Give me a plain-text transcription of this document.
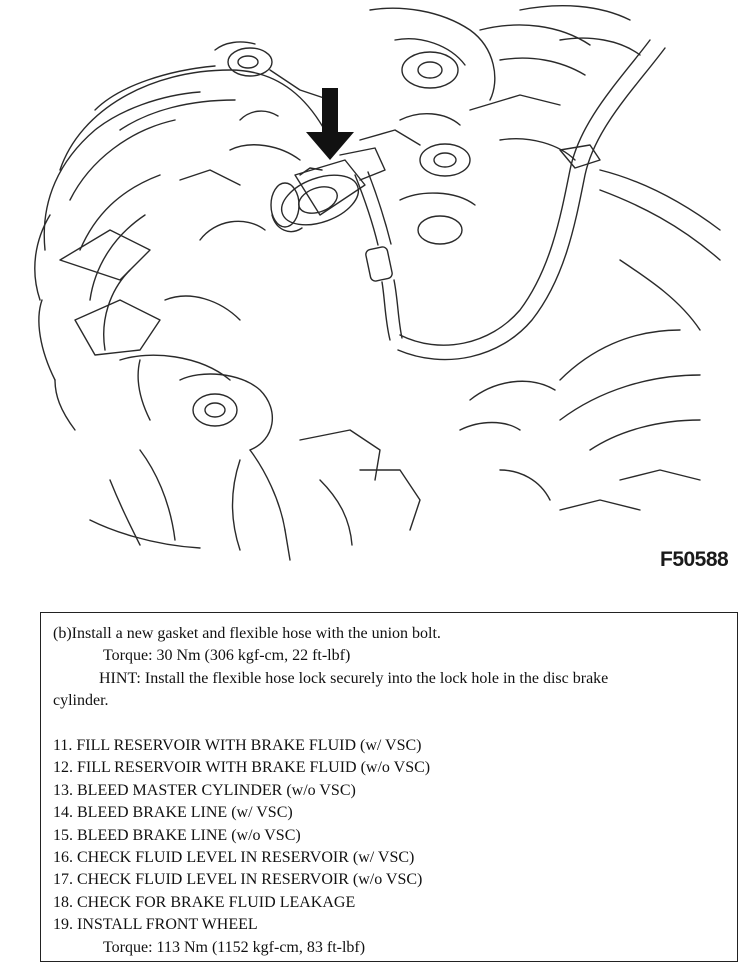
F50588

(b)Install a new gasket and flexible hose with the union bolt.

Torque: 30 Nm (306 kgf-cm, 22 ft-lbf)

HINT: Install the flexible hose lock securely into the lock hole in the disc brake

cylinder.

11. FILL RESERVOIR WITH BRAKE FLUID (w/ VSC)
12. FILL RESERVOIR WITH BRAKE FLUID (w/o VSC)
13. BLEED MASTER CYLINDER (w/o VSC)
14. BLEED BRAKE LINE (w/ VSC)
15. BLEED BRAKE LINE (w/o VSC)
16. CHECK FLUID LEVEL IN RESERVOIR (w/ VSC)
17. CHECK FLUID LEVEL IN RESERVOIR (w/o VSC)
18. CHECK FOR BRAKE FLUID LEAKAGE
19. INSTALL FRONT WHEEL

Torque: 113 Nm (1152 kgf-cm, 83 ft-lbf)
